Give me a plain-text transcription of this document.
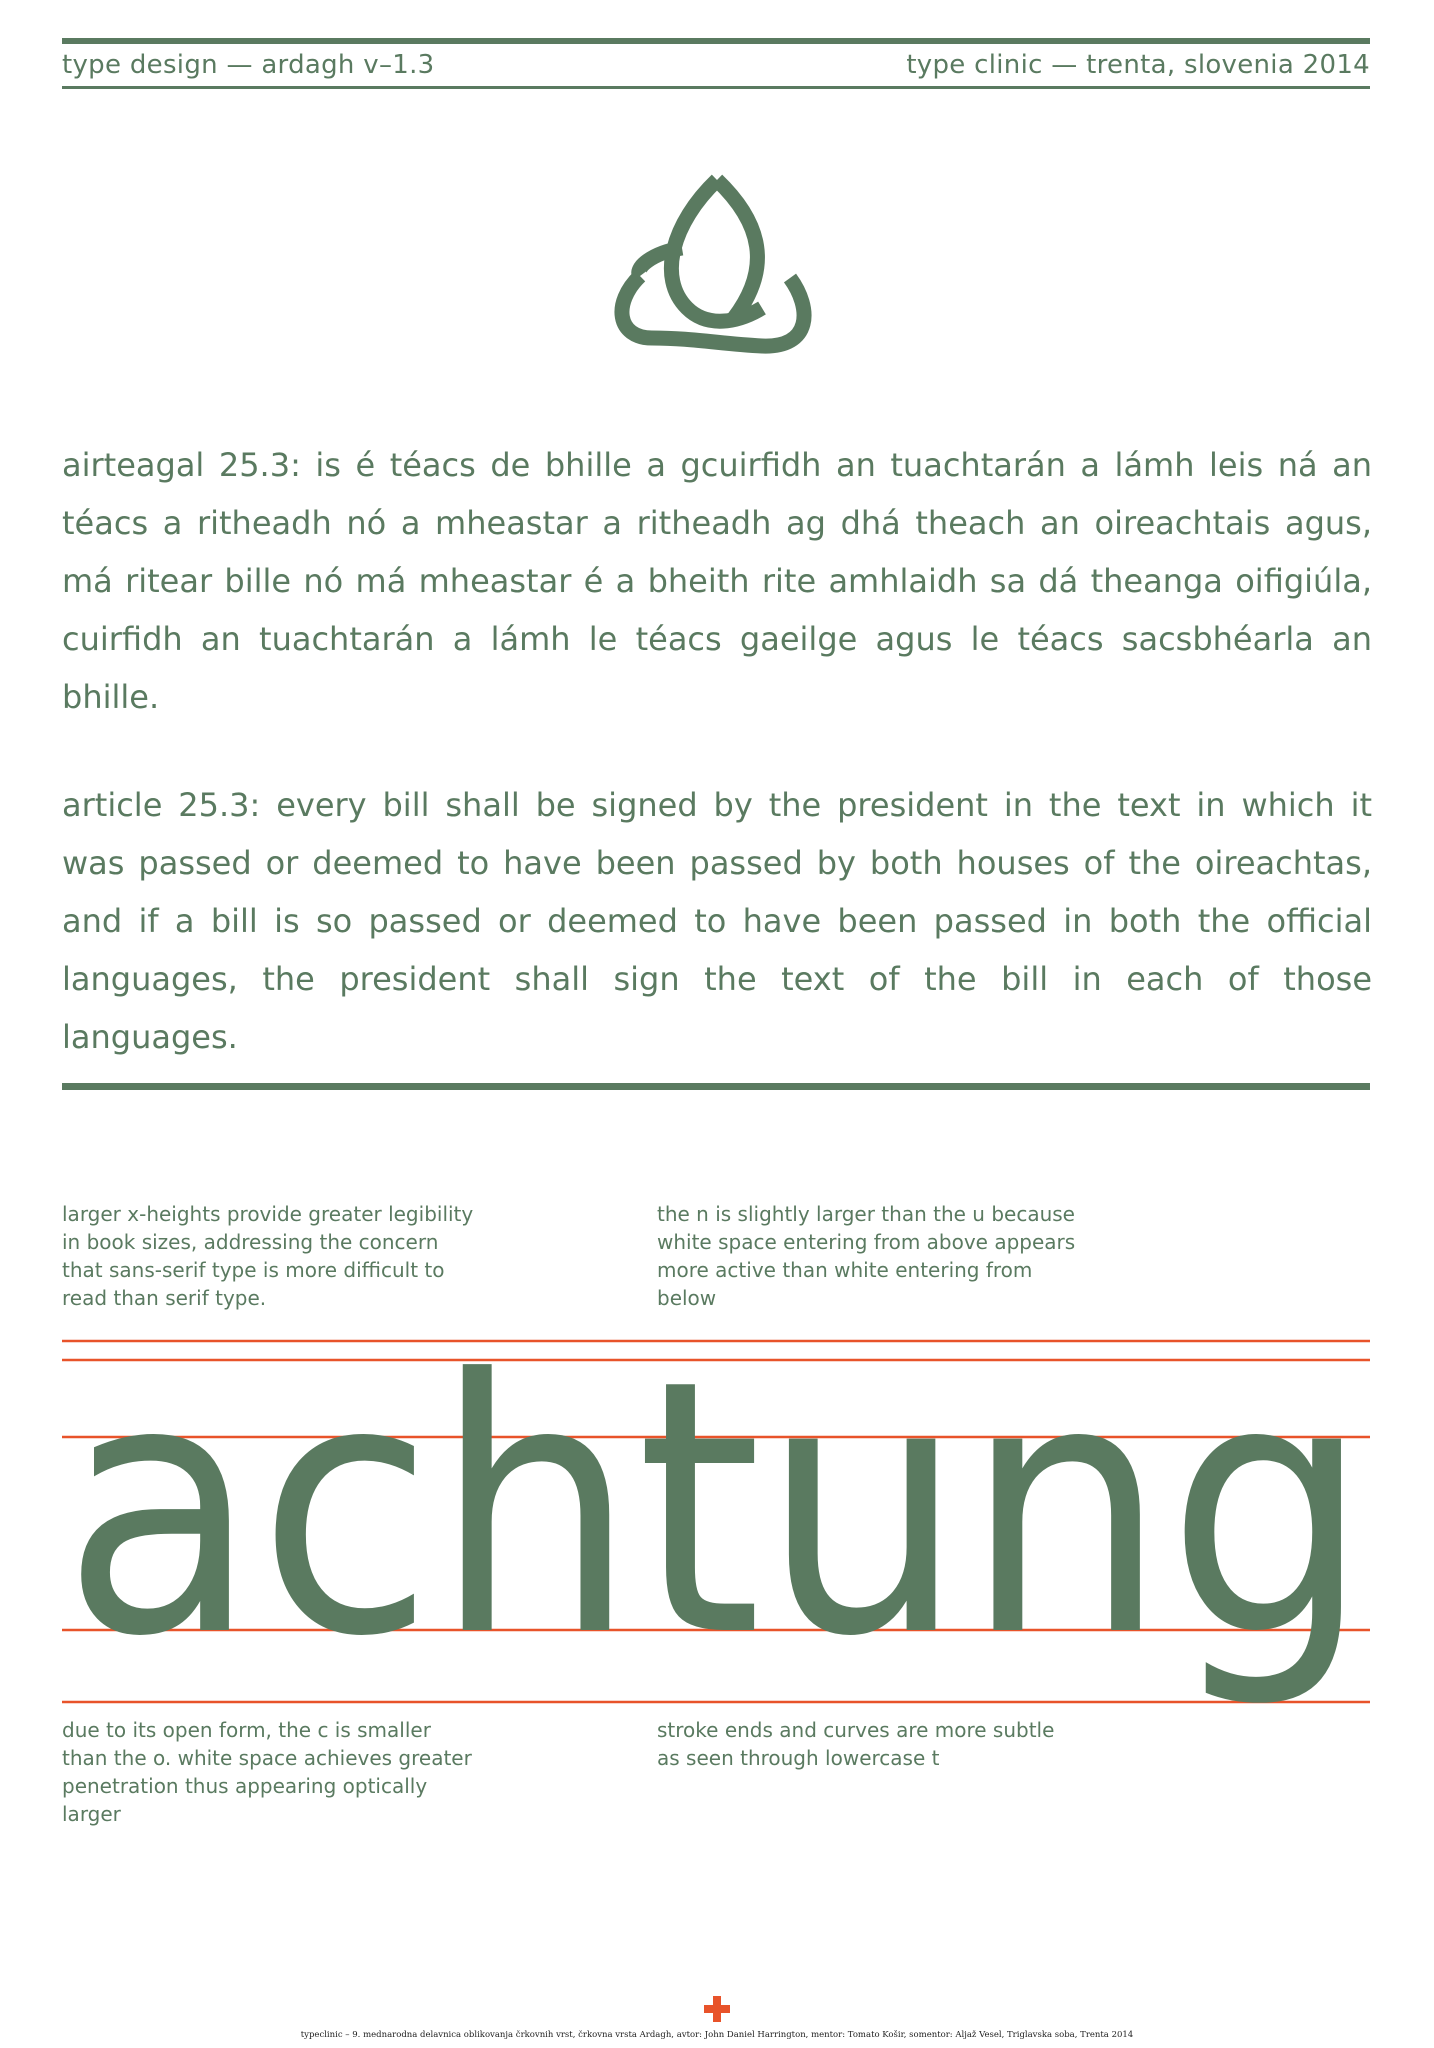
type design — ardagh v–1.3	type clinic — trenta, slovenia 2014

airteagal 25.3: is é téacs de bhille a gcuirfidh an tuachtarán a lámh leis ná an téacs a ritheadh nó a mheastar a ritheadh ag dhá theach an oireachtais agus, má ritear bille nó má mheastar é a bheith rite amhlaidh sa dá theanga oifigiúla, cuirfidh an tuachtarán a lámh le téacs gaeilge agus le téacs sacsbhéarla an bhille.

article 25.3: every bill shall be signed by the president in the text in which it was passed or deemed to have been passed by both houses of the oireachtas, and if a bill is so passed or deemed to have been passed in both the official languages, the president shall sign the text of the bill in each of those languages.

larger x-heights provide greater legibility in book sizes, addressing the concern that sans-serif type is more difficult to read than serif type.

the n is slightly larger than the u because white space entering from above appears more active than white entering from below

achtung

due to its open form, the c is smaller than the o. white space achieves greater penetration thus appearing optically larger

stroke ends and curves are more subtle as seen through lowercase t

typeclinic – 9. mednarodna delavnica oblikovanja črkovnih vrst, črkovna vrsta Ardagh, avtor: John Daniel Harrington, mentor: Tomato Košir, somentor: Aljaž Vesel, Triglavska soba, Trenta 2014
